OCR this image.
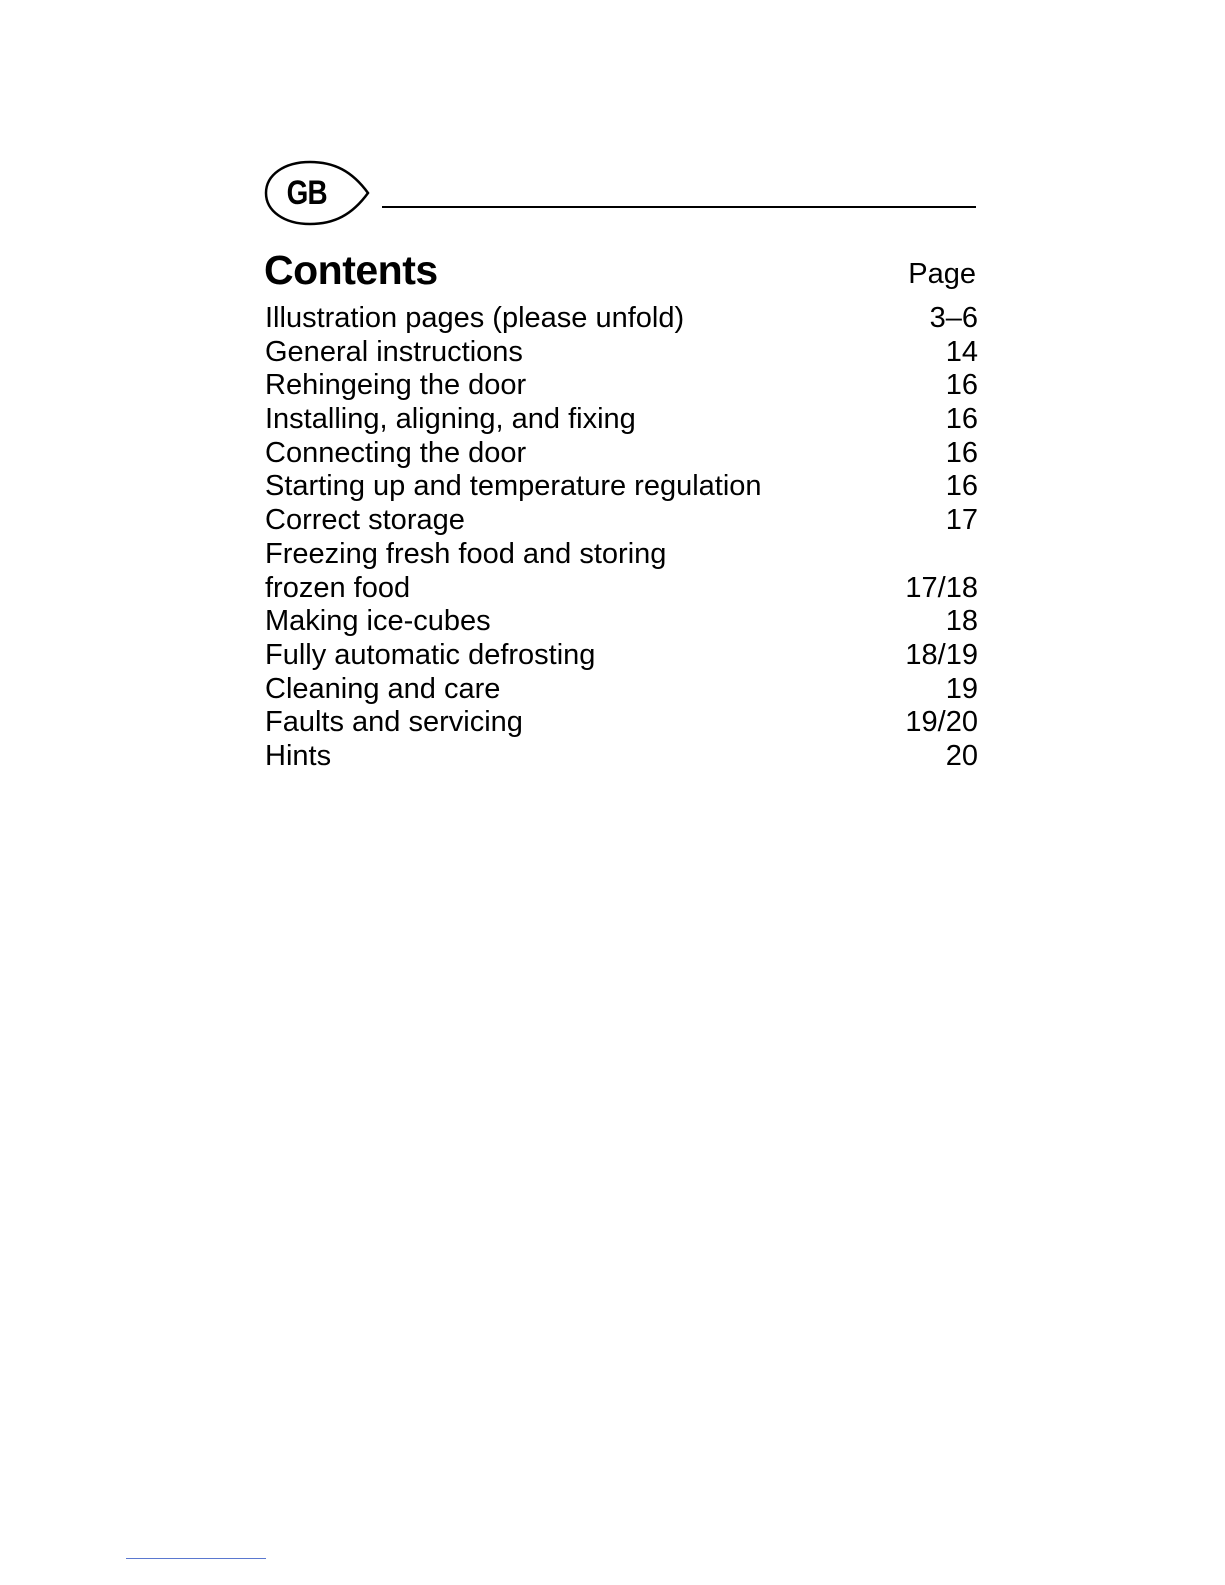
GB
Contents	Page
Illustration pages (please unfold)	3–6
General instructions	14
Rehingeing the door	16
Installing, aligning, and fixing	16
Connecting the door	16
Starting up and temperature regulation	16
Correct storage	17
Freezing fresh food and storing
frozen food	17/18
Making ice-cubes	18
Fully automatic defrosting	18/19
Cleaning and care	19
Faults and servicing	19/20
Hints	20
